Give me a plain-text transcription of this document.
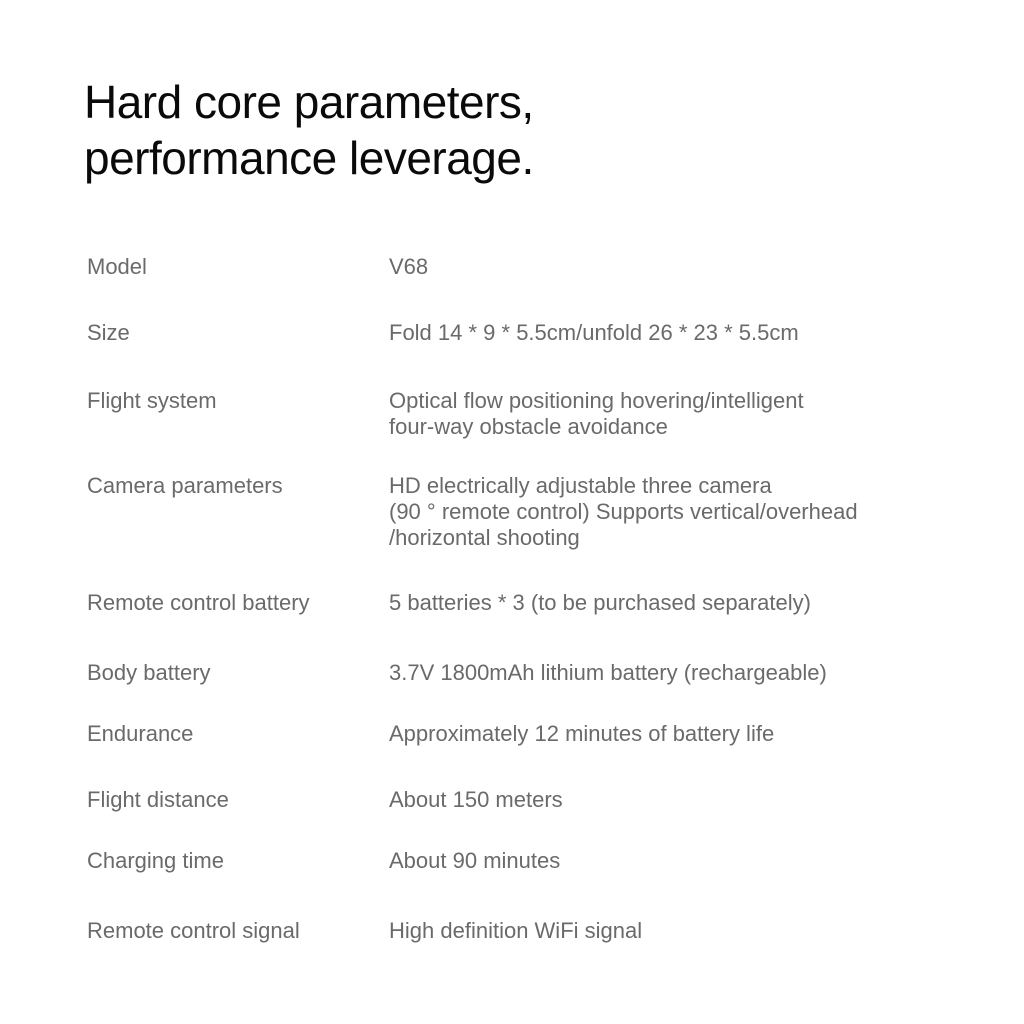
Hard core parameters,
performance leverage.
Model	V68
Size	Fold 14 * 9 * 5.5cm/unfold 26 * 23 * 5.5cm
Flight system	Optical flow positioning hovering/intelligent
four-way obstacle avoidance
Camera parameters	HD electrically adjustable three camera
(90 ° remote control) Supports vertical/overhead
/horizontal shooting
Remote control battery	5 batteries * 3 (to be purchased separately)
Body battery	3.7V 1800mAh lithium battery (rechargeable)
Endurance	Approximately 12 minutes of battery life
Flight distance	About 150 meters
Charging time	About 90 minutes
Remote control signal	High definition WiFi signal
